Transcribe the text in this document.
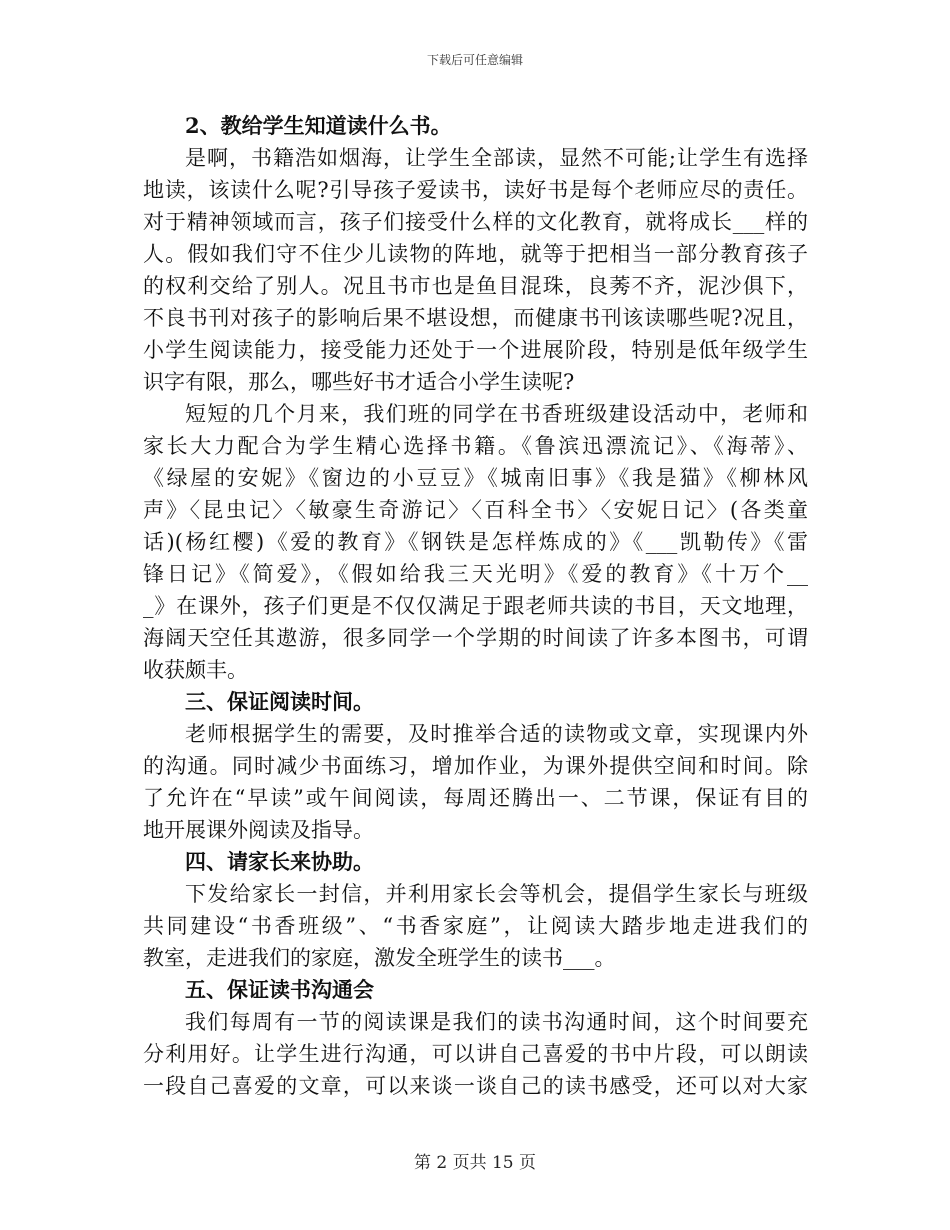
下载后可任意编辑
2、教给学生知道读什么书。
是啊，书籍浩如烟海，让学生全部读，显然不可能;让学生有选择
地读，该读什么呢?引导孩子爱读书，读好书是每个老师应尽的责任。
对于精神领域而言，孩子们接受什么样的文化教育，就将成长___样的
人。假如我们守不住少儿读物的阵地，就等于把相当一部分教育孩子
的权利交给了别人。况且书市也是鱼目混珠，良莠不齐，泥沙俱下，
不良书刊对孩子的影响后果不堪设想，而健康书刊该读哪些呢?况且，
小学生阅读能力，接受能力还处于一个进展阶段，特别是低年级学生
识字有限，那么，哪些好书才适合小学生读呢?
短短的几个月来，我们班的同学在书香班级建设活动中，老师和
家长大力配合为学生精心选择书籍。《鲁滨迅漂流记》、《海蒂》、
《绿屋的安妮》《窗边的小豆豆》《城南旧事》《我是猫》《柳林风
声》〈昆虫记〉〈敏豪生奇游记〉〈百科全书〉〈安妮日记〉(各类童
话)(杨红樱)《爱的教育》《钢铁是怎样炼成的》《___凯勒传》《雷
锋日记》《简爱》，《假如给我三天光明》《爱的教育》《十万个__
_》在课外，孩子们更是不仅仅满足于跟老师共读的书目，天文地理，
海阔天空任其遨游，很多同学一个学期的时间读了许多本图书，可谓
收获颇丰。
三、保证阅读时间。
老师根据学生的需要，及时推举合适的读物或文章，实现课内外
的沟通。同时减少书面练习，增加作业，为课外提供空间和时间。除
了允许在“早读”或午间阅读，每周还腾出一、二节课，保证有目的
地开展课外阅读及指导。
四、请家长来协助。
下发给家长一封信，并利用家长会等机会，提倡学生家长与班级
共同建设“书香班级”、“书香家庭”，让阅读大踏步地走进我们的
教室，走进我们的家庭，激发全班学生的读书___。
五、保证读书沟通会
我们每周有一节的阅读课是我们的读书沟通时间，这个时间要充
分利用好。让学生进行沟通，可以讲自己喜爱的书中片段，可以朗读
一段自己喜爱的文章，可以来谈一谈自己的读书感受，还可以对大家
第 2 页共 15 页
